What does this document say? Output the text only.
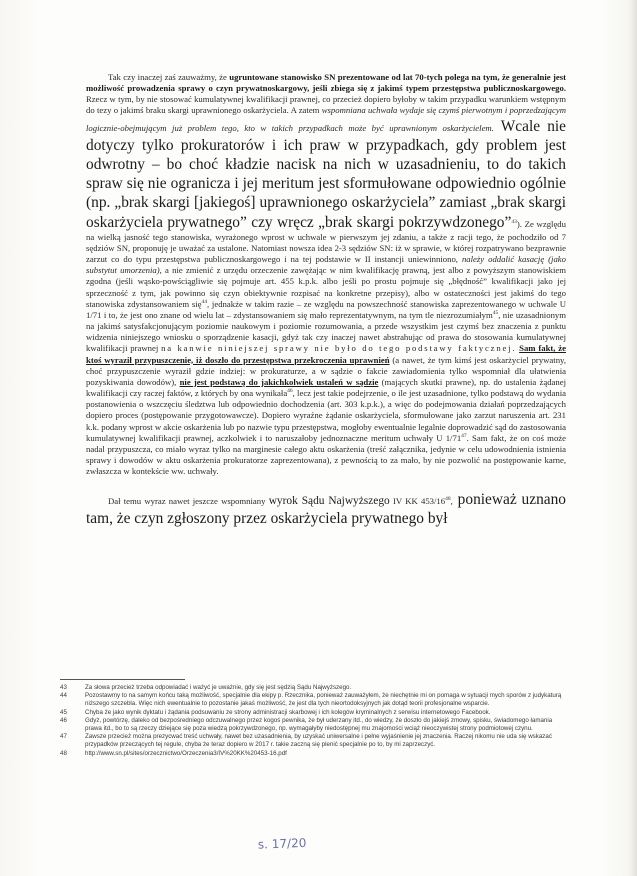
Tak czy inaczej zaś zauważmy, że ugruntowane stanowisko SN prezentowane od lat 70-tych polega na tym, że generalnie jest możliwość prowadzenia sprawy o czyn prywatnoskargowy, jeśli zbiega się z jakimś typem przestępstwa publicznoskargowego. Rzecz w tym, by nie stosować kumulatywnej kwalifikacji prawnej, co przecież dopiero byłoby w takim przypadku warunkiem wstępnym do tezy o jakimś braku skargi uprawnionego oskarżyciela. A zatem wspomniana uchwała wydaje się czymś pierwotnym i poprzedzającym logicznie-obejmującym już problem tego, kto w takich przypadkach może być uprawnionym oskarżycielem. Wcale nie dotyczy tylko prokuratorów i ich praw w przypadkach, gdy problem jest odwrotny – bo choć kładzie nacisk na nich w uzasadnieniu, to do takich spraw się nie ogranicza i jej meritum jest sformułowane odpowiednio ogólnie (np. „brak skargi [jakiegoś] uprawnionego oskarżyciela” zamiast „brak skargi oskarżyciela prywatnego” czy wręcz „brak skargi pokrzywdzonego”$^{43}$). Ze względu na wielką jasność tego stanowiska, wyrażonego wprost w uchwale w pierwszym jej zdaniu, a także z racji tego, że pochodziło od 7 sędziów SN, proponuję je uważać za ustalone. Natomiast nowsza idea 2-3 sędziów SN: iż w sprawie, w której rozpatrywano bezprawnie zarzut co do typu przestępstwa publicznoskargowego i na tej podstawie w II instancji uniewinniono, należy oddalić kasację (jako substytut umorzenia), a nie zmienić z urzędu orzeczenie zawężając w nim kwalifikację prawną, jest albo z powyższym stanowiskiem zgodna (jeśli wąsko-powściągliwie się pojmuje art. 455 k.p.k. albo jeśli po prostu pojmuje się „błędność” kwalifikacji jako jej sprzeczność z tym, jak powinno się czyn obiektywnie rozpisać na konkretne przepisy), albo w ostateczności jest jakimś do tego stanowiska zdystansowaniem się$^{44}$, jednakże w takim razie – ze względu na powszechność stanowiska zaprezentowanego w uchwale U 1/71 i to, że jest ono znane od wielu lat – zdystansowaniem się mało reprezentatywnym, na tym tle niezrozumiałym$^{45}$, nie uzasadnionym na jakimś satysfakcjonującym poziomie naukowym i poziomie rozumowania, a przede wszystkim jest czymś bez znaczenia z punktu widzenia niniejszego wniosku o sporządzenie kasacji, gdyż tak czy inaczej nawet abstrahując od prawa do stosowania kumulatywnej kwalifikacji prawnej na kanwie niniejszej sprawy nie było do tego podstawy faktycznej. Sam fakt, że ktoś wyraził przypuszczenie, iż doszło do przestępstwa przekroczenia uprawnień (a nawet, że tym kimś jest oskarżyciel prywatny, choć przypuszczenie wyraził gdzie indziej: w prokuraturze, a w sądzie o fakcie zawiadomienia tylko wspomniał dla ułatwienia pozyskiwania dowodów), nie jest podstawą do jakichkolwiek ustaleń w sądzie (mających skutki prawne), np. do ustalenia żądanej kwalifikacji czy raczej faktów, z których by ona wynikała$^{46}$, lecz jest takie podejrzenie, o ile jest uzasadnione, tylko podstawą do wydania postanowienia o wszczęciu śledztwa lub odpowiednio dochodzenia (art. 303 k.p.k.), a więc do podejmowania działań poprzedzających dopiero proces (postępowanie przygotowawcze). Dopiero wyraźne żądanie oskarżyciela, sformułowane jako zarzut naruszenia art. 231 k.k. podany wprost w akcie oskarżenia lub po nazwie typu przestępstwa, mogłoby ewentualnie legalnie doprowadzić sąd do zastosowania kumulatywnej kwalifikacji prawnej, aczkolwiek i to naruszałoby jednoznaczne meritum uchwały U $1/71^{47}$. Sam fakt, że on coś może nadal przypuszcza, co miało wyraz tylko na marginesie całego aktu oskarżenia (treść załącznika, jedynie w celu udowodnienia istnienia sprawy i dowodów w aktu oskarżenia prokuratorze zaprezentowana), z pewnością to za mało, by nie pozwolić na postępowanie karne, zwłaszcza w kontekście ww. uchwały.

Dał temu wyraz nawet jeszcze wspomniany wyrok Sądu Najwyższego IV KK $453/16^{48}$, ponieważ uznano tam, że czyn zgłoszony przez oskarżyciela prywatnego był

43	Za słowa przecież trzeba odpowiadać i ważyć je uważnie, gdy się jest sędzią Sądu Najwyższego.
44	Pozostawmy to na samym końcu taką możliwość, specjalnie dla ekipy p. Rzecznika, ponieważ zauważyłem, że niechętnie mi on pomaga w sytuacji mych sporów z judykaturą niższego szczebla. Więc nich ewentualnie to pozostanie jakaś możliwość, że jest dla tych nieortodoksyjnych jak dotąd teorii profesjonalne wsparcie.
45	Chyba że jako wynik dyktatu i żądania podsuwaniu ze strony administracji skarbowej i ich kolegów kryminalnych z serwisu internetowego Facebook.
46	Gdyż, powtórzę, daleko od bezpośredniego odczuwalnego przez kogoś pewnika, że był uderzany itd., do wiedzy, że doszło do jakiejś zmowy, spisku, świadomego łamania prawa itd., bo to są rzeczy dziejące się poza wiedzą pokrzywdzonego, np. wymagałyby niedostępnej mu znajomości wciąż nieoczywistej strony podmiotowej czynu.
47	Zawsze przecież można prezycwać treść uchwały, nawet bez uzasadnienia, by uzyskać uniwersalne i pełne wyjaśnienie jej znaczenia. Raczej nikomu nie uda się wskazać przypadków przeczących tej regule, chyba że teraz dopiero w 2017 r. takie zaczną się plenić specjalnie po to, by mi zaprzeczyć.
48	http://www.sn.pl/sites/orzecznictwo/Orzeczenia3/IV%20KK%20453-16.pdf
s. 17/20
